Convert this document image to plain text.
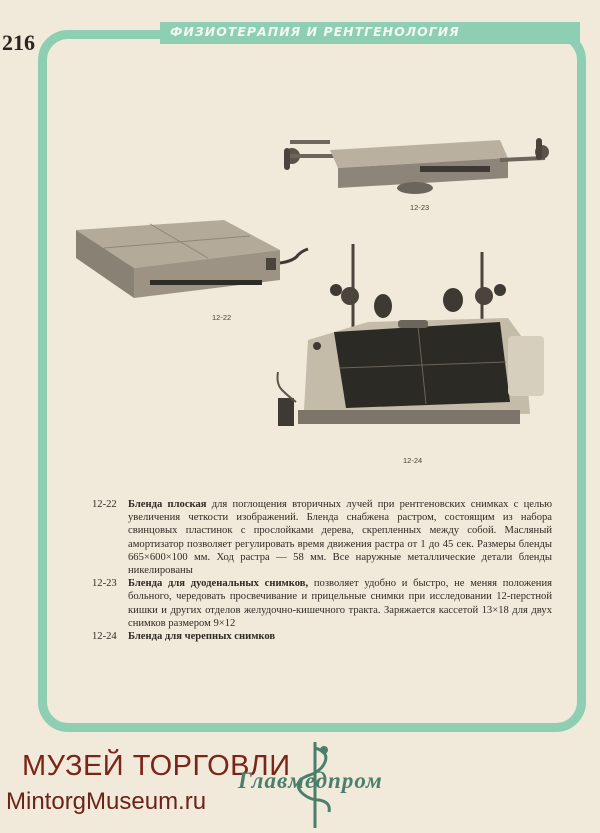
ФИЗИОТЕРАПИЯ И РЕНТГЕНОЛОГИЯ
216
12-23
12-22
12-24
12-22	Бленда плоская для поглощения вторичных лучей при рентгеновских снимках с целью увеличения четкости изображений. Бленда снабжена растром, состоящим из набора свинцовых пластинок с прослойками дерева, скрепленных между собой. Масляный амортизатор позволяет регулировать время движения растра от 1 до 45 сек. Размеры бленды 665×600×100 мм. Ход растра — 58 мм. Все наружные металлические детали бленды никелированы
12-23	Бленда для дуоденальных снимков, позволяет удобно и быстро, не меняя положения больного, чередовать просвечивание и прицельные снимки при исследовании 12-перстной кишки и других отделов желудочно-кишечного тракта. Заряжается кассетой 13×18 для двух снимков размером 9×12
12-24	Бленда для черепных снимков
МУЗЕЙ ТОРГОВЛИ
MintorgMuseum.ru
Главмедпром
